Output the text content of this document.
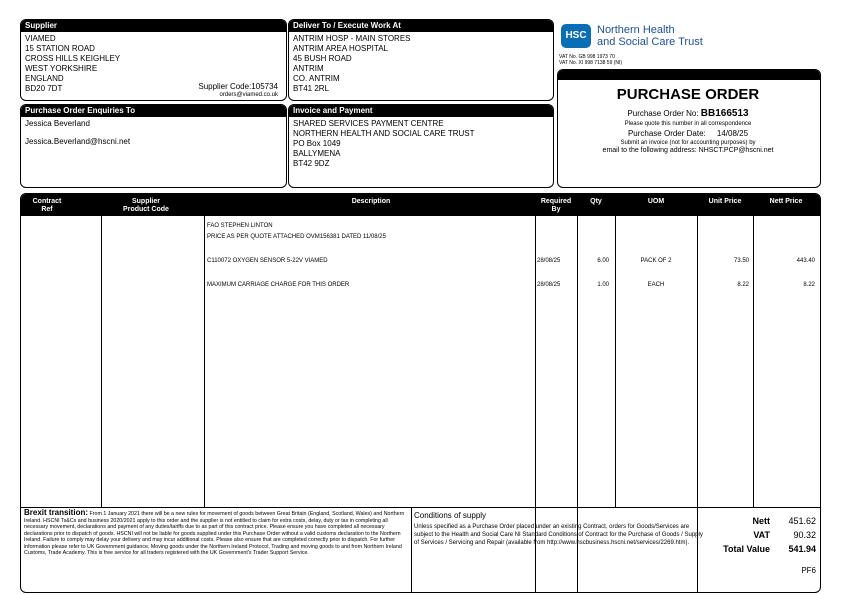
Supplier
VIAMED
15 STATION ROAD
CROSS HILLS KEIGHLEY
WEST YORKSHIRE
ENGLAND
BD20 7DT	Supplier Code:105734
orders@viamed.co.uk
Deliver To / Execute Work At
ANTRIM HOSP - MAIN STORES
ANTRIM AREA HOSPITAL
45 BUSH ROAD
ANTRIM
CO. ANTRIM
BT41 2RL
Purchase Order Enquiries To
Jessica Beverland
Jessica.Beverland@hscni.net
Invoice and Payment
SHARED SERVICES PAYMENT CENTRE
NORTHERN HEALTH AND SOCIAL CARE TRUST
PO Box 1049
BALLYMENA
BT42 9DZ
HSC Northern Health
and Social Care Trust
VAT No. GB 998 1973 70
VAT No. XI 998 7138 59 (NI)
PURCHASE ORDER
Purchase Order No: BB166513
Please quote this number in all correspondence
Purchase Order Date: 14/08/25
Submit an invoice (not for accounting purposes) by
email to the following address: NHSCT.PCP@hscni.net
Contract
Ref
Supplier
Product Code
Description	Required
By
Qty	UOM	Unit Price	Nett Price
FAO STEPHEN LINTON
PRICE AS PER QUOTE ATTACHED OVM156381 DATED 11/08/25
C110072 OXYGEN SENSOR 5-22V VIAMED	28/08/25	6.00	PACK OF 2	73.50	443.40
MAXIMUM CARRIAGE CHARGE FOR THIS ORDER	28/08/25	1.00	EACH	8.22	8.22
Brexit transition: From 1 January 2021 there will be a new rules for movement of goods between Great Britain (England, Scotland, Wales) and Northern Ireland. HSCNI Ts&Cs and business 2020/2021 apply to this order and the supplier is not entitled to claim for extra costs, delay, duty or tax in completing all necessary movement, declarations and payment of any duties/tariffs due to as part of this contract price. Please ensure you have completed all necessary declarations prior to dispatch of goods. HSCNI will not be liable for goods supplied under this Purchase Order without a valid customs declaration to the Northern Ireland. Failure to comply may delay your delivery and may incur additional costs. Please also ensure that are completed correctly prior to dispatch. For further information please refer to UK Government guidance, Moving goods under the Northern Ireland Protocol, Trading and moving goods to and from Northern Ireland Customs, Trade Academy. This is free service for all traders registered with the UK Government's Trader Support Service.
Conditions of supply
Unless specified as a Purchase Order placed under an existing Contract, orders for Goods/Services are subject to the Health and Social Care NI Standard Conditions of Contract for the Purchase of Goods / Supply of Services / Servicing and Repair (available from http://www.hscbusiness.hscni.net/services/2269.htm).
Nett	451.62
VAT	90.32
Total Value	541.94
PF6
